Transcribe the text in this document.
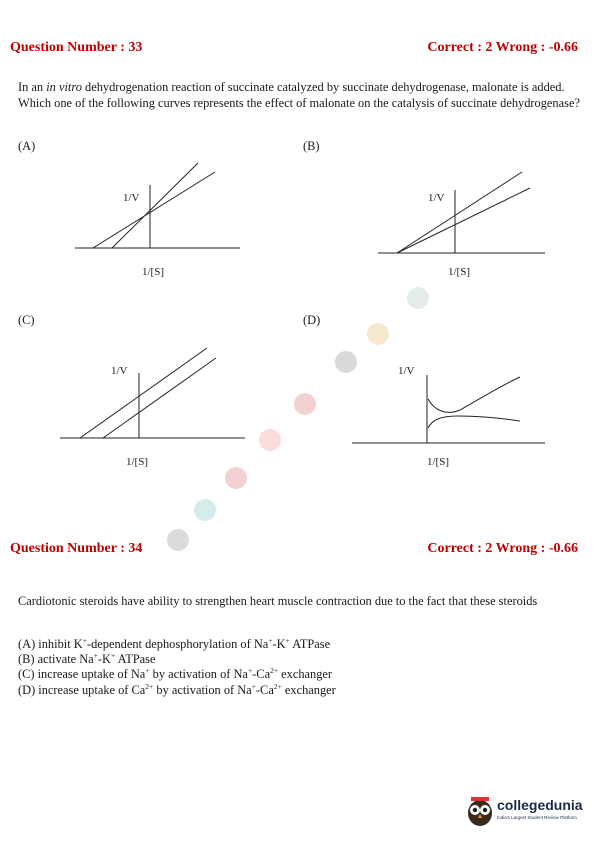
Question Number : 33	Correct : 2 Wrong : -0.66
In an in vitro dehydrogenation reaction of succinate catalyzed by succinate dehydrogenase, malonate is added. Which one of the following curves represents the effect of malonate on the catalysis of succinate dehydrogenase?
(A)	(B)
(C)	(D)
1/V
1/[S]
1/V
1/[S]
1/V
1/[S]
1/V
1/[S]
Question Number : 34	Correct : 2 Wrong : -0.66
Cardiotonic steroids have ability to strengthen heart muscle contraction due to the fact that these steroids
(A) inhibit K+-dependent dephosphorylation of Na+-K+ ATPase
(B) activate Na+-K+ ATPase
(C) increase uptake of Na+ by activation of $Na^+-Ca^{2+}$ exchanger
(D) increase uptake of $Ca^{2+}$ by activation of $Na^+-Ca^{2+}$ exchanger
collegedunia
India's Largest Student Review Platform
